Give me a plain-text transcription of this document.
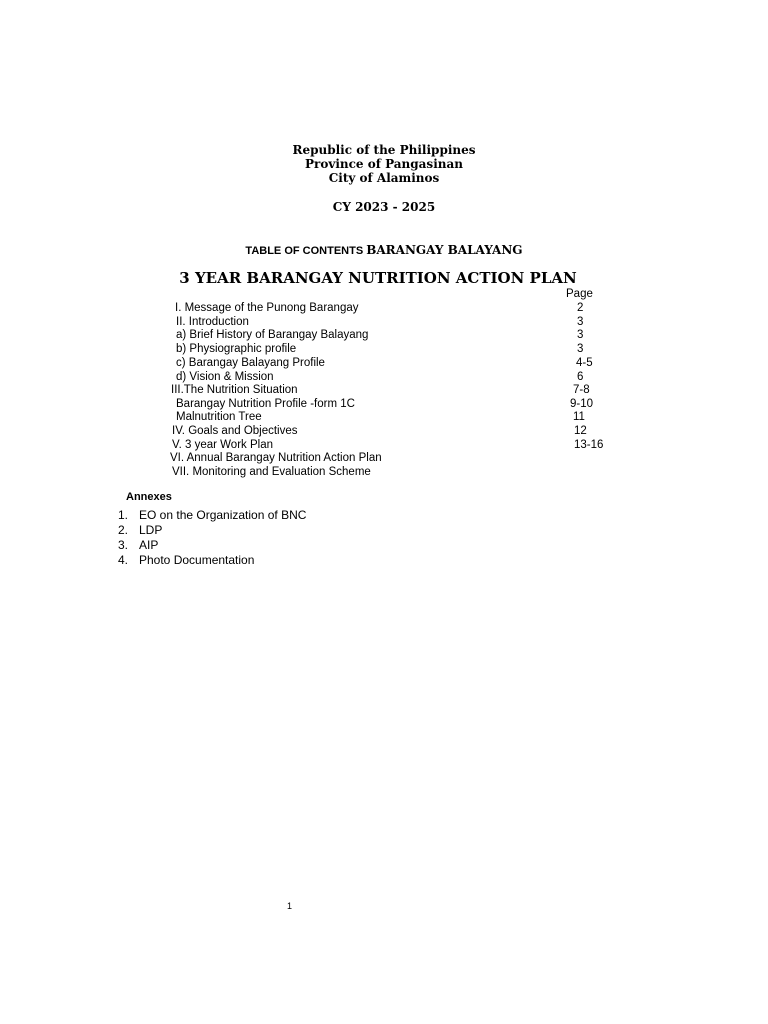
Republic of the Philippines
Province of Pangasinan
City of Alaminos
CY 2023 - 2025
TABLE OF CONTENTS BARANGAY BALAYANG
3 YEAR BARANGAY NUTRITION ACTION PLAN
Page
I. Message of the Punong Barangay	2
II. Introduction	3
a) Brief History of Barangay Balayang	3
b) Physiographic profile	3
c) Barangay Balayang Profile	4-5
d) Vision & Mission	6
III.The Nutrition Situation	7-8
Barangay Nutrition Profile -form 1C	9-10
Malnutrition Tree	11
IV. Goals and Objectives	12
V. 3 year Work Plan	13-16
VI. Annual Barangay Nutrition Action Plan
VII. Monitoring and Evaluation Scheme
Annexes
1. EO on the Organization of BNC
2. LDP
3. AIP
4. Photo Documentation
1
